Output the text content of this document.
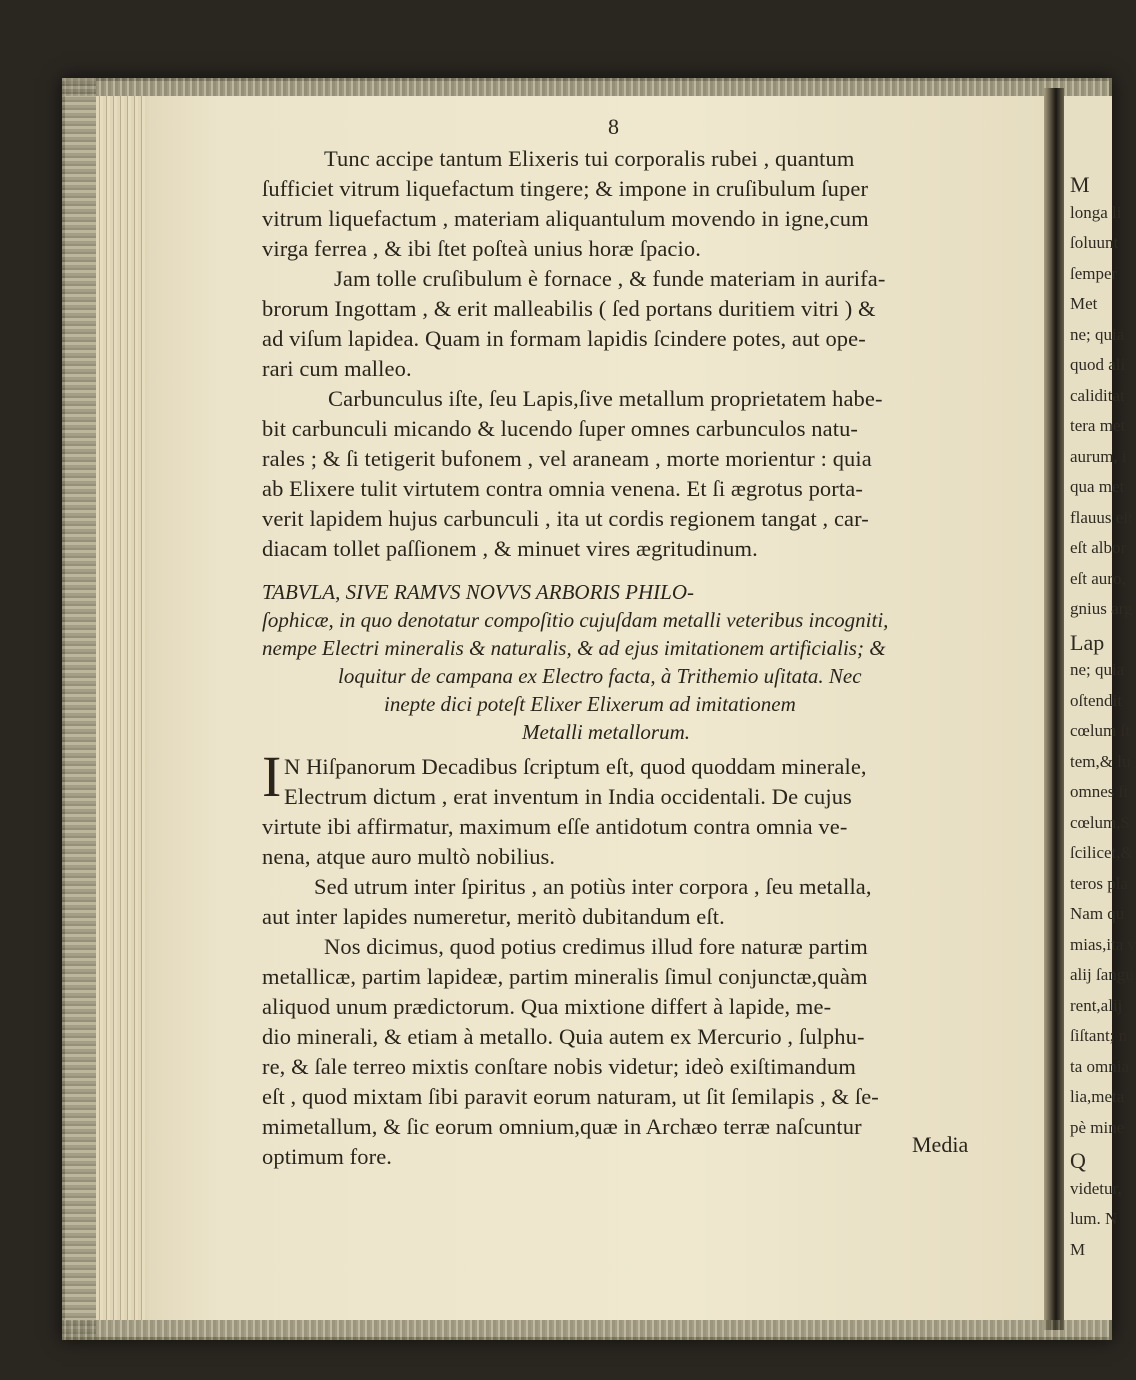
M
longa li
ſoluunt
ſemper
Met
ne; quia
quod ali
caliditat
tera met
aurum, i
qua met
flauus eſt
eſt albor
eſt auro,
gnius arg
Lap
ne; quia
oſtendit
cœlum ſt
tem,& lu
omnes ſt
cœlum,S
ſcilicet,&
teros pla
Nam qu
mias,ita v
alij ſangu
rent,alij
ſiſtant; n
ta omnia
lia,meta
pè mine
Q
videtur,
lum. N
M
8
Tunc accipe tantum Elixeris tui corporalis rubei , quantum
ſufficiet vitrum liquefactum tingere; & impone in cruſibulum ſuper
vitrum liquefactum , materiam aliquantulum movendo in igne,cum
virga ferrea , & ibi ſtet poſteà unius horæ ſpacio.
Jam tolle cruſibulum è fornace , & funde materiam in aurifa-
brorum Ingottam , & erit malleabilis ( ſed portans duritiem vitri ) &
ad viſum lapidea. Quam in formam lapidis ſcindere potes, aut ope-
rari cum malleo.
Carbunculus iſte, ſeu Lapis,ſive metallum proprietatem habe-
bit carbunculi micando & lucendo ſuper omnes carbunculos natu-
rales ; & ſi tetigerit bufonem , vel araneam , morte morientur : quia
ab Elixere tulit virtutem contra omnia venena. Et ſi ægrotus porta-
verit lapidem hujus carbunculi , ita ut cordis regionem tangat , car-
diacam tollet paſſionem , & minuet vires ægritudinum.
TABVLA, SIVE RAMVS NOVVS ARBORIS PHILO-
ſophicæ, in quo denotatur compoſitio cujuſdam metalli veteribus incogniti,
nempe Electri mineralis & naturalis, & ad ejus imitationem artificialis; &
loquitur de campana ex Electro facta, à Trithemio uſitata. Nec
inepte dici poteſt Elixer Elixerum ad imitationem
Metalli metallorum.
I N Hiſpanorum Decadibus ſcriptum eſt, quod quoddam minerale,
Electrum dictum , erat inventum in India occidentali. De cujus
virtute ibi affirmatur, maximum eſſe antidotum contra omnia ve-
nena, atque auro multò nobilius.
Sed utrum inter ſpiritus , an potiùs inter corpora , ſeu metalla,
aut inter lapides numeretur, meritò dubitandum eſt.
Nos dicimus, quod potius credimus illud fore naturæ partim
metallicæ, partim lapideæ, partim mineralis ſimul conjunctæ,quàm
aliquod unum prædictorum. Qua mixtione differt à lapide, me-
dio minerali, & etiam à metallo. Quia autem ex Mercurio , ſulphu-
re, & ſale terreo mixtis conſtare nobis videtur; ideò exiſtimandum
eſt , quod mixtam ſibi paravit eorum naturam, ut ſit ſemilapis , & ſe-
mimetallum, & ſic eorum omnium,quæ in Archæo terræ naſcuntur
optimum fore.	Media
